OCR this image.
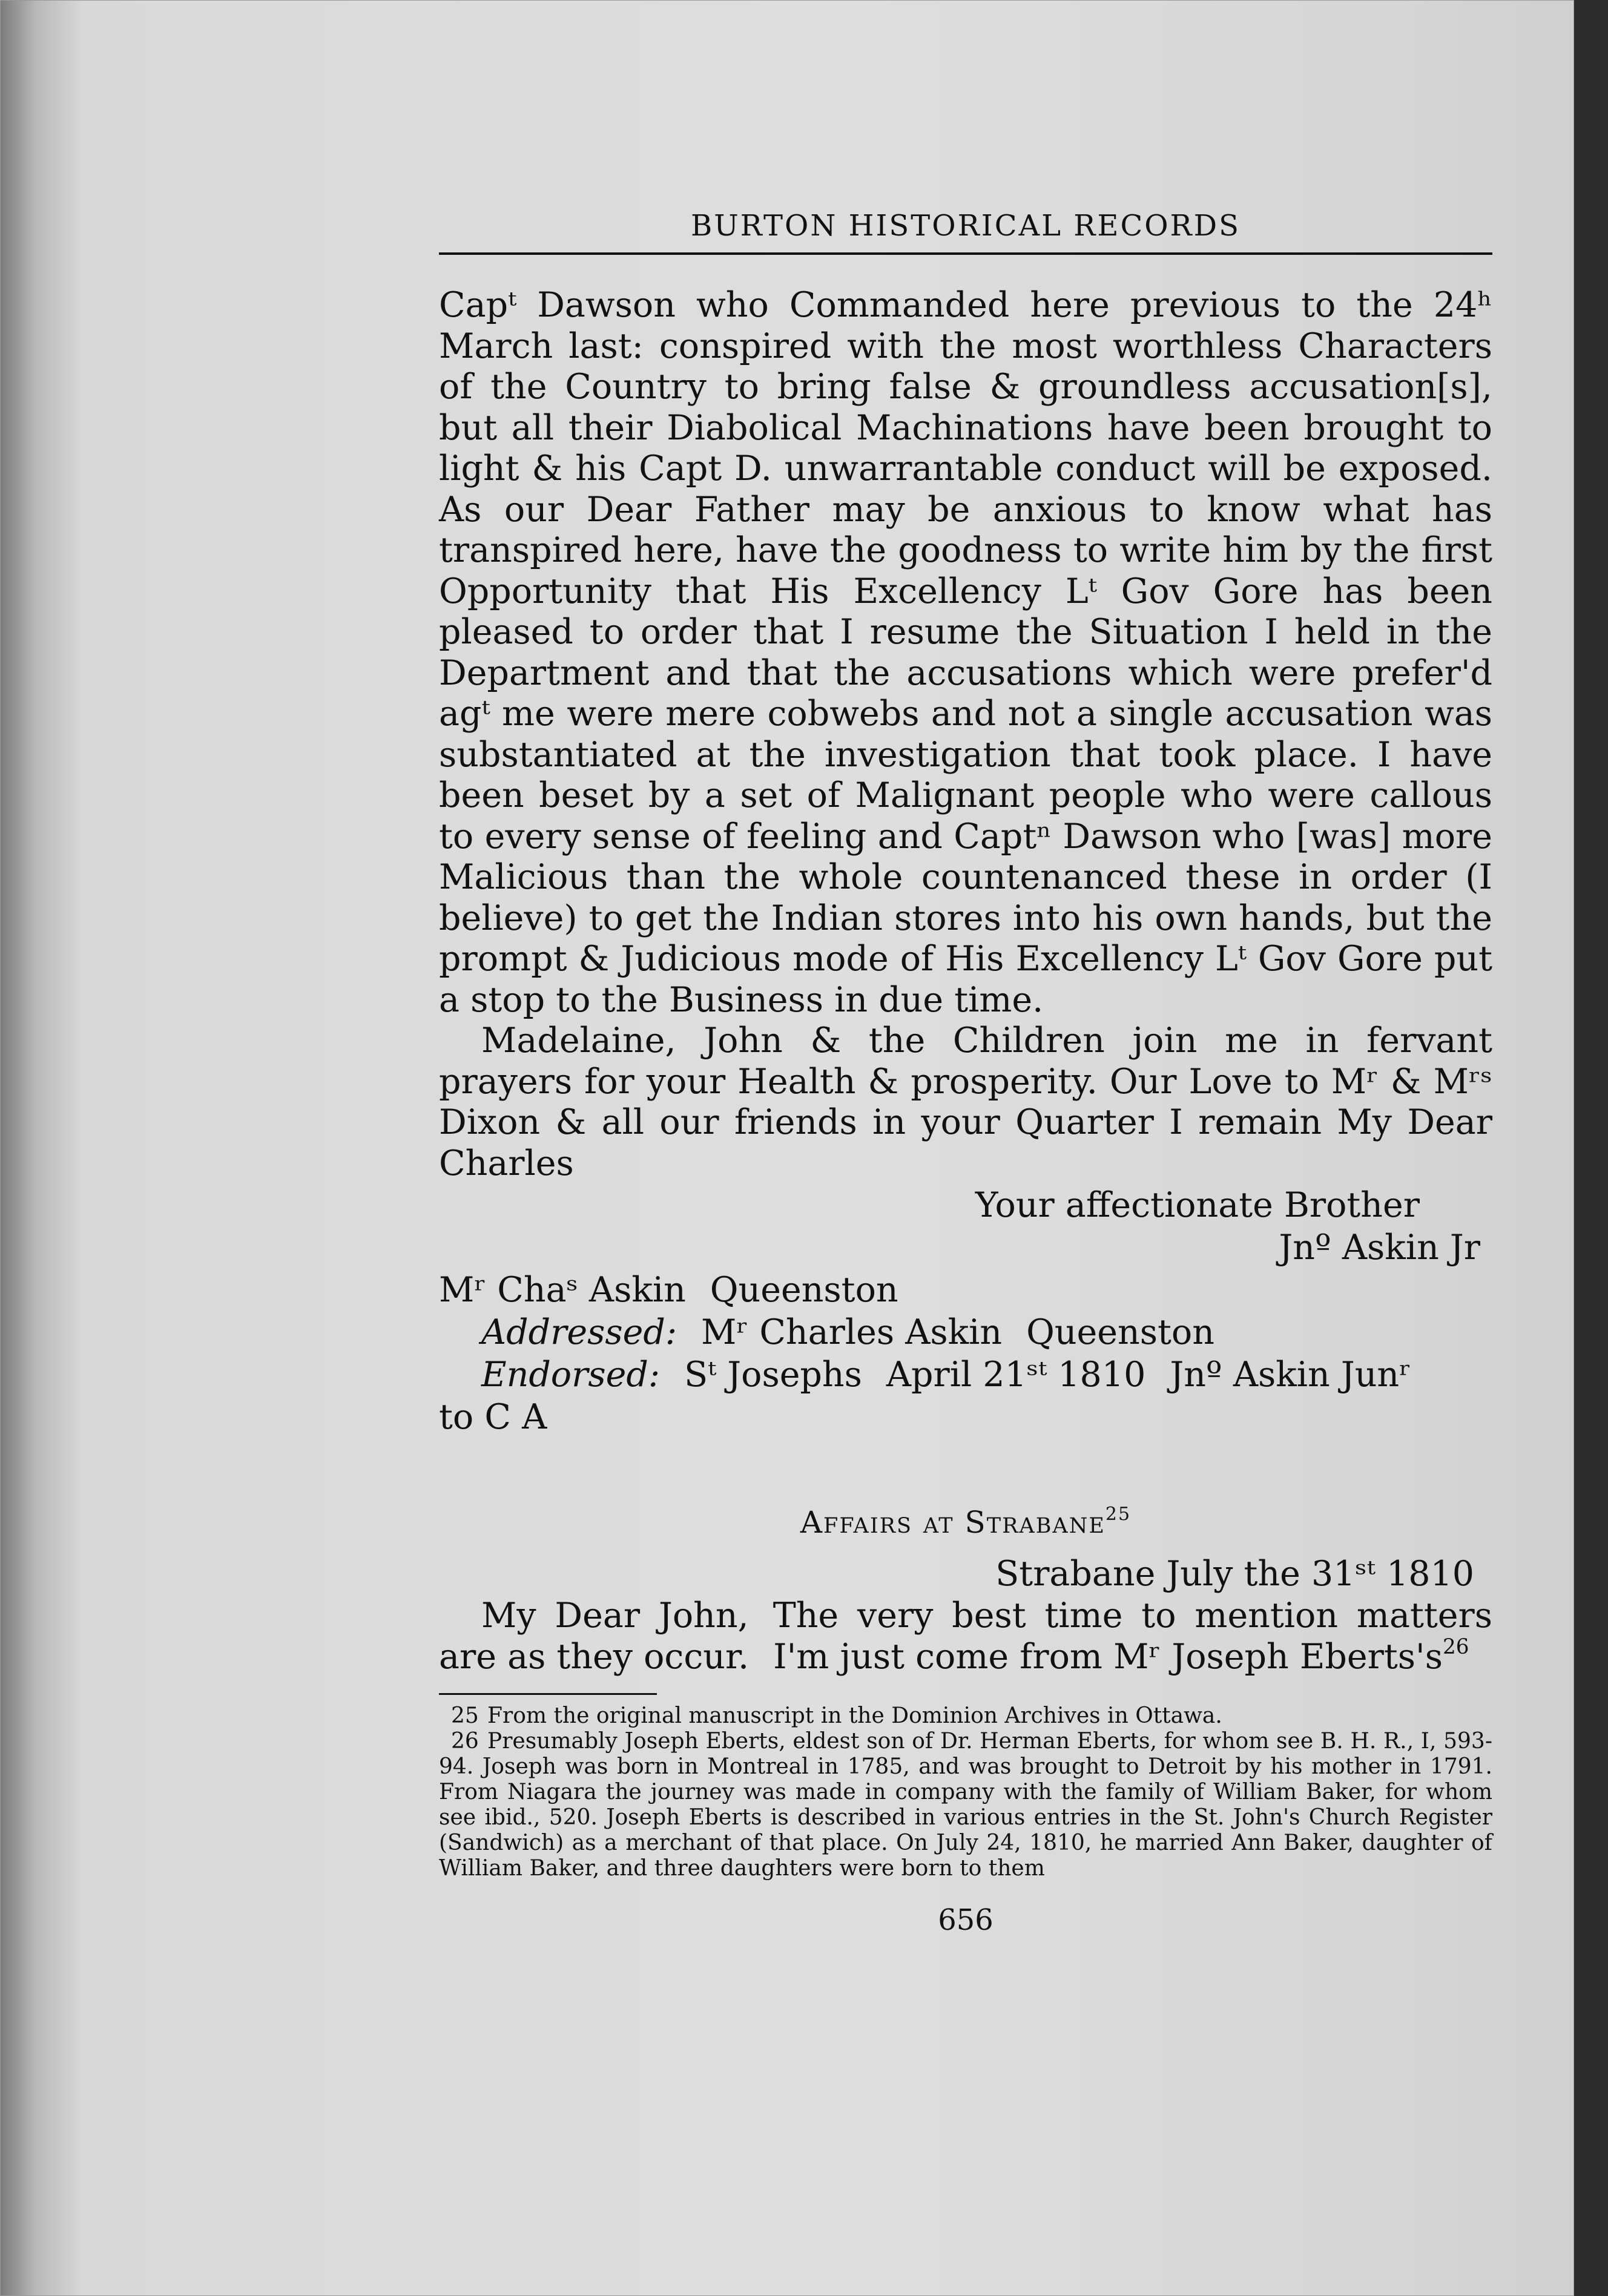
BURTON HISTORICAL RECORDS

Capᵗ Dawson who Commanded here previous to the 24ʰ March last: conspired with the most worthless Characters of the Country to bring false & groundless accusation[s], but all their Diabolical Machinations have been brought to light & his Capt D. unwarrantable conduct will be exposed. As our Dear Father may be anxious to know what has transpired here, have the goodness to write him by the first Opportunity that His Excellency Lᵗ Gov Gore has been pleased to order that I resume the Situation I held in the Department and that the accusations which were prefer'd agᵗ me were mere cobwebs and not a single accusation was substantiated at the investigation that took place. I have been beset by a set of Malignant people who were callous to every sense of feeling and Captⁿ Dawson who [was] more Malicious than the whole countenanced these in order (I believe) to get the Indian stores into his own hands, but the prompt & Judicious mode of His Excellency Lᵗ Gov Gore put a stop to the Business in due time.

Madelaine, John & the Children join me in fervant prayers for your Health & prosperity. Our Love to Mʳ & Mʳˢ Dixon & all our friends in your Quarter I remain My Dear Charles

Your affectionate Brother

Jnº Askin Jr

Mʳ Chaˢ Askin Queenston

Addressed: Mʳ Charles Askin Queenston

Endorsed: Sᵗ Josephs April 21ˢᵗ 1810 Jnº Askin Junʳ

to C A

Affairs at Strabane$^{25}$

Strabane July the 31ˢᵗ 1810

My Dear John, The very best time to mention matters are as they occur. I'm just come from Mʳ Joseph $Eberts's^{26}$

25 From the original manuscript in the Dominion Archives in Ottawa.

26 Presumably Joseph Eberts, eldest son of Dr. Herman Eberts, for whom see B. H. R., I, 593-94. Joseph was born in Montreal in 1785, and was brought to Detroit by his mother in 1791. From Niagara the journey was made in company with the family of William Baker, for whom see ibid., 520. Joseph Eberts is described in various entries in the St. John's Church Register (Sandwich) as a merchant of that place. On July 24, 1810, he married Ann Baker, daughter of William Baker, and three daughters were born to them

656
